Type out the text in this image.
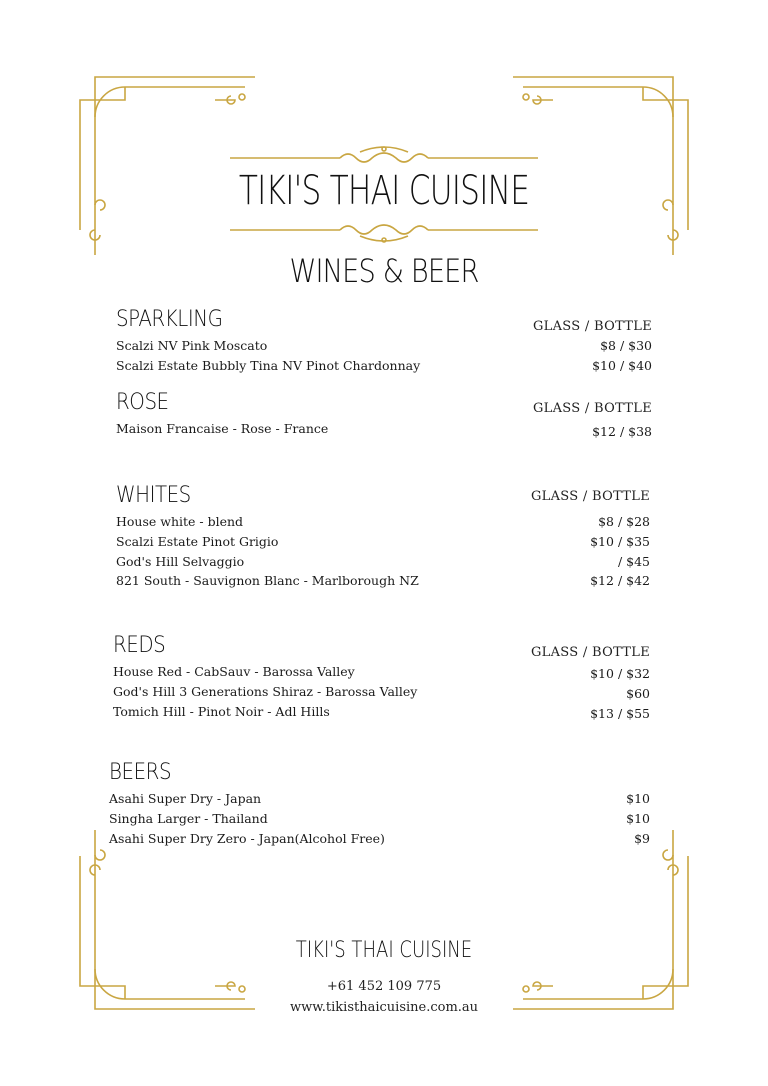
TIKI'S THAI CUISINE
WINES & BEER
SPARKLING	GLASS / BOTTLE
Scalzi NV Pink Moscato	$8 / $30
Scalzi Estate Bubbly Tina NV Pinot Chardonnay	$10 / $40
ROSE	GLASS / BOTTLE
Maison Francaise - Rose - France	$12 / $38
WHITES	GLASS / BOTTLE
House white - blend	$8 / $28
Scalzi Estate Pinot Grigio	$10 / $35
God's Hill Selvaggio	/ $45
821 South - Sauvignon Blanc - Marlborough NZ	$12 / $42
REDS	GLASS / BOTTLE
House Red - CabSauv - Barossa Valley	$10 / $32
God's Hill 3 Generations Shiraz - Barossa Valley	$60
Tomich Hill - Pinot Noir - Adl Hills	$13 / $55
BEERS
Asahi Super Dry - Japan	$10
Singha Larger - Thailand	$10
Asahi Super Dry Zero - Japan(Alcohol Free)	$9
TIKI'S THAI CUISINE
+61 452 109 775
www.tikisthaicuisine.com.au
